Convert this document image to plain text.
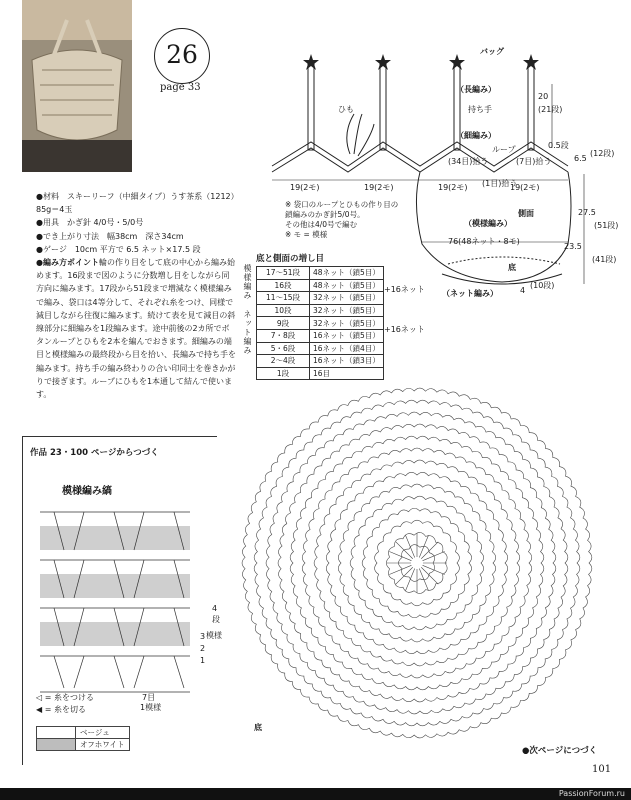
26
page 33

●材料　スキーリーフ（中細タイプ）うす茶系（1212）85g＝4玉

●用具　かぎ針 4/0号・5/0号

●でき上がり寸法　幅38cm　深さ34cm

●ゲージ　10cm 平方で 6.5 ネット×17.5 段

●編み方ポイント輪の作り目をして底の中心から編み始めます。16段まで図のように分数増し目をしながら同方向に編みます。17段から51段まで増減なく模様編みで編み、袋口は4等分して、それぞれ糸をつけ、同様で減目しながら往復に編みます。続けて表を見て減目の斜線部分に細編みを1段編みます。途中前後の2カ所でボタンループとひもを2本を編んでおきます。細編みの端目と模様編みの最終段から目を拾い、長編みで持ち手を編みます。持ち手の編み終わりの合い印同士を巻きかがりで接ぎます。ループにひもを1本通して結んで使います。

バッグ
ひも
（長編み）
持ち手
（細編み）
ループ
(34目)拾う	(7目)拾う
(1目)拾う
19(2モ)	19(2モ)	19(2モ)	19(2モ)
20
(21段)
0.5段
6.5
(12段)
側面
（模様編み）
76(48ネット・8モ)
27.5
(51段)
23.5
(41段)
底
（ネット編み）	4
(10段)
※ 袋口のループとひもの作り目の
鎖編みのかぎ針5/0号。
その他は4/0号で編む
※ モ = 模様
底と側面の増し目
模様編み
ネット編み
17〜51段	48ネット（鎖5目）
16段	48ネット（鎖5目）
11〜15段	32ネット（鎖5目）
10段	32ネット（鎖5目）
9段	32ネット（鎖5目）
7・8段	16ネット（鎖5目）
5・6段	16ネット（鎖4目）
2〜4段	16ネット（鎖3目）
1段	16目
+16ネット
+16ネット
作品 23・100 ページからつづく
模様編み縞
4
段
1
2
3 模様
7目
1模様
◁ = 糸をつける
◀ = 糸を切る
	ベージュ
	オフホワイト
底
●次ページにつづく
101
PassionForum.ru
